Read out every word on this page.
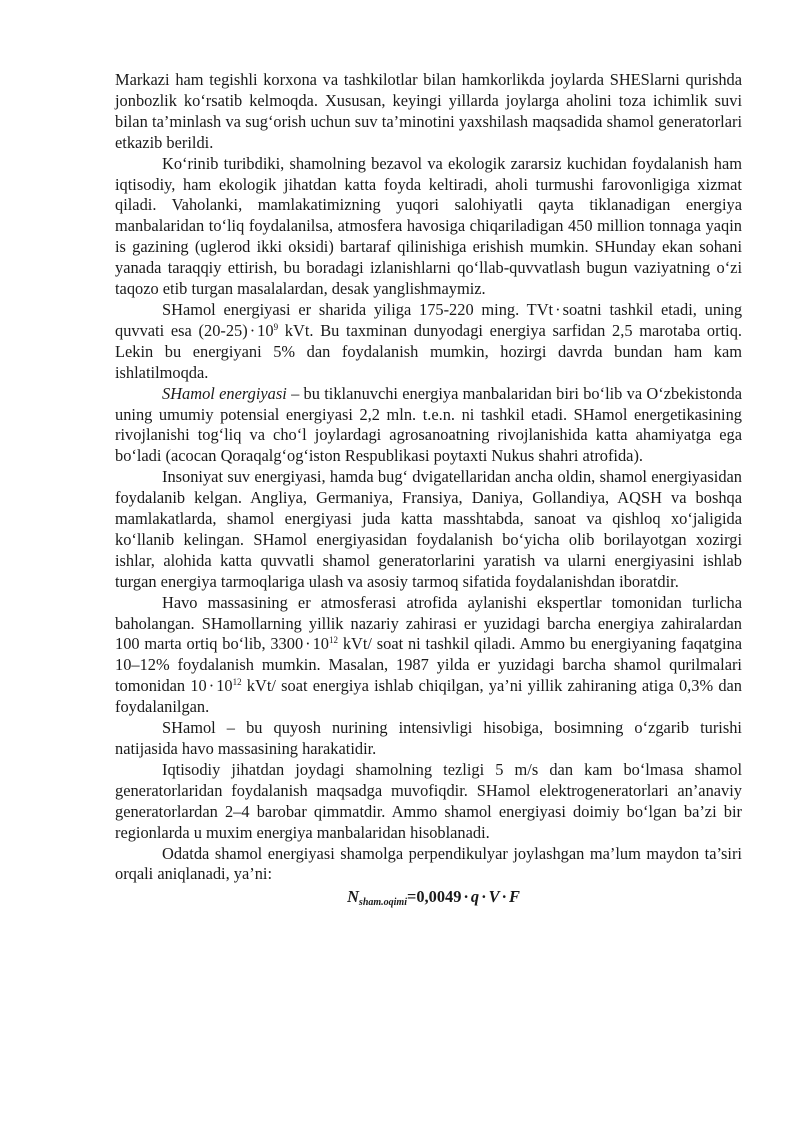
Markazi ham tegishli korxona va tashkilotlar bilan hamkorlikda joylarda SHESlarni qurishda jonbozlik ko‘rsatib kelmoqda. Xususan, keyingi yillarda joylarga aholini toza ichimlik suvi bilan ta’minlash va sug‘orish uchun suv ta’minotini yaxshilash maqsadida shamol generatorlari etkazib berildi.

Ko‘rinib turibdiki, shamolning bezavol va ekologik zararsiz kuchidan foydalanish ham iqtisodiy, ham ekologik jihatdan katta foyda keltiradi, aholi turmushi farovonligiga xizmat qiladi. Vaholanki, mamlakatimizning yuqori salohiyatli qayta tiklanadigan energiya manbalaridan to‘liq foydalanilsa, atmosfera havosiga chiqariladigan 450 million tonnaga yaqin is gazining (uglerod ikki oksidi) bartaraf qilinishiga erishish mumkin. SHunday ekan sohani yanada taraqqiy ettirish, bu boradagi izlanishlarni qo‘llab-quvvatlash bugun vaziyatning o‘zi taqozo etib turgan masalalardan, desak yanglishmaymiz.

SHamol energiyasi er sharida yiliga 175-220 ming. TVt · soatni tashkil etadi, uning quvvati esa $(20-25) \cdot 10^9$ kVt. Bu taxminan dunyodagi energiya sarfidan 2,5 marotaba ortiq. Lekin bu energiyani 5% dan foydalanish mumkin, hozirgi davrda bundan ham kam ishlatilmoqda.

SHamol energiyasi – bu tiklanuvchi energiya manbalaridan biri bo‘lib va O‘zbekistonda uning umumiy potensial energiyasi 2,2 mln. t.e.n. ni tashkil etadi. SHamol energetikasining rivojlanishi tog‘liq va cho‘l joylardagi agrosanoatning rivojlanishida katta ahamiyatga ega bo‘ladi (acocan Qoraqalg‘og‘iston Respublikasi poytaxti Nukus shahri atrofida).

Insoniyat suv energiyasi, hamda bug‘ dvigatellaridan ancha oldin, shamol energiyasidan foydalanib kelgan. Angliya, Germaniya, Fransiya, Daniya, Gollandiya, AQSH va boshqa mamlakatlarda, shamol energiyasi juda katta masshtabda, sanoat va qishloq xo‘jaligida ko‘llanib kelingan. SHamol energiyasidan foydalanish bo‘yicha olib borilayotgan xozirgi ishlar, alohida katta quvvatli shamol generatorlarini yaratish va ularni energiyasini ishlab turgan energiya tarmoqlariga ulash va asosiy tarmoq sifatida foydalanishdan iboratdir.

Havo massasining er atmosferasi atrofida aylanishi ekspertlar tomonidan turlicha baholangan. SHamollarning yillik nazariy zahirasi er yuzidagi barcha energiya zahiralardan 100 marta ortiq bo‘lib, $3300 \cdot 10^{12}$ kVt/ soat ni tashkil qiladi. Ammo bu energiyaning faqatgina 10–12% foydalanish mumkin. Masalan, 1987 yilda er yuzidagi barcha shamol qurilmalari tomonidan $10 \cdot 10^{12}$ kVt/ soat energiya ishlab chiqilgan, ya’ni yillik zahiraning atiga 0,3% dan foydalanilgan.

SHamol – bu quyosh nurining intensivligi hisobiga, bosimning o‘zgarib turishi natijasida havo massasining harakatidir.

Iqtisodiy jihatdan joydagi shamolning tezligi 5 m/s dan kam bo‘lmasa shamol generatorlaridan foydalanish maqsadga muvofiqdir. SHamol elektrogeneratorlari an’anaviy generatorlardan 2–4 barobar qimmatdir. Ammo shamol energiyasi doimiy bo‘lgan ba’zi bir regionlarda u muxim energiya manbalaridan hisoblanadi.

Odatda shamol energiyasi shamolga perpendikulyar joylashgan ma’lum maydon ta’siri orqali aniqlanadi, ya’ni:

$N_{sham.oqimi}=0,0049 \cdot q \cdot V \cdot F$
